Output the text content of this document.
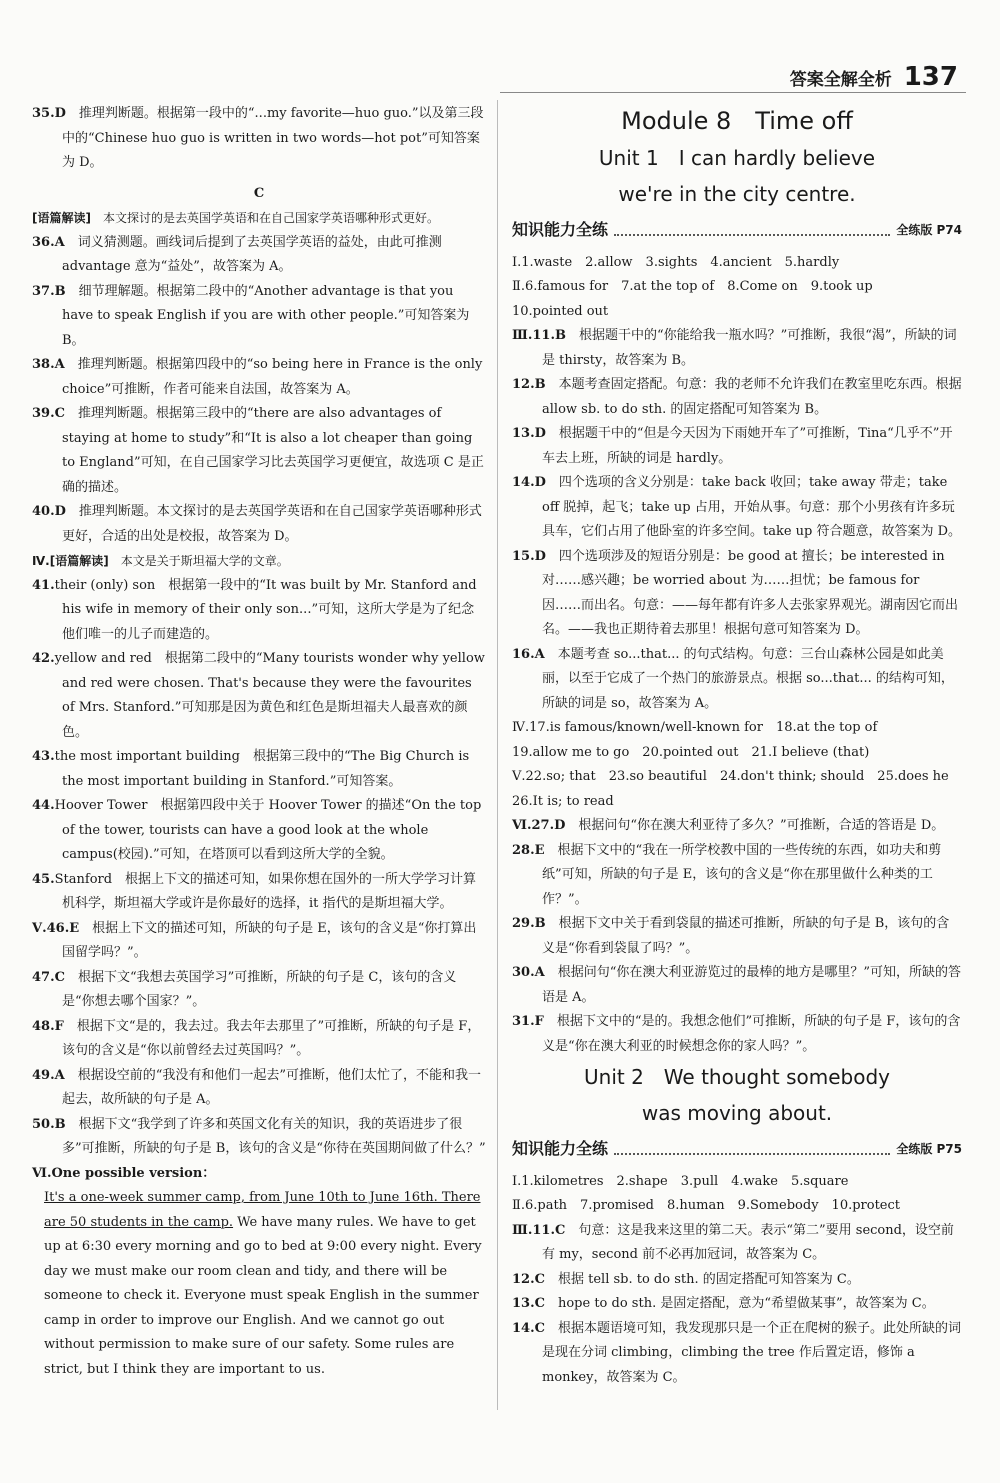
答案全解全析 137

35.D　 推理判断题。根据第一段中的“...my favorite—huo guo.”以及第三段中的“Chinese huo guo is written in two words—hot pot”可知答案为 D。

C

[语篇解读]　 本文探讨的是去英国学英语和在自己国家学英语哪种形式更好。

36.A　 词义猜测题。画线词后提到了去英国学英语的益处，由此可推测 advantage 意为“益处”，故答案为 A。

37.B　 细节理解题。根据第二段中的“Another advantage is that you have to speak English if you are with other people.”可知答案为 B。

38.A　 推理判断题。根据第四段中的“so being here in France is the only choice”可推断，作者可能来自法国，故答案为 A。

39.C　 推理判断题。根据第三段中的“there are also advantages of staying at home to study”和“It is also a lot cheaper than going to England”可知，在自己国家学习比去英国学习更便宜，故选项 C 是正确的描述。

40.D　 推理判断题。本文探讨的是去英国学英语和在自己国家学英语哪种形式更好，合适的出处是校报，故答案为 D。

Ⅳ.[语篇解读]　 本文是关于斯坦福大学的文章。

41.their (only) son　根据第一段中的“It was built by Mr. Stanford and his wife in memory of their only son...”可知，这所大学是为了纪念他们唯一的儿子而建造的。

42.yellow and red　根据第二段中的“Many tourists wonder why yellow and red were chosen. That's because they were the favourites of Mrs. Stanford.”可知那是因为黄色和红色是斯坦福夫人最喜欢的颜色。

43.the most important building　根据第三段中的“The Big Church is the most important building in Stanford.”可知答案。

44.Hoover Tower　根据第四段中关于 Hoover Tower 的描述“On the top of the tower, tourists can have a good look at the whole campus(校园).”可知，在塔顶可以看到这所大学的全貌。

45.Stanford　根据上下文的描述可知，如果你想在国外的一所大学学习计算机科学，斯坦福大学或许是你最好的选择，it 指代的是斯坦福大学。

Ⅴ.46.E　 根据上下文的描述可知，所缺的句子是 E，该句的含义是“你打算出国留学吗？”。

47.C　 根据下文“我想去英国学习”可推断，所缺的句子是 C，该句的含义是“你想去哪个国家？”。

48.F　 根据下文“是的，我去过。我去年去那里了”可推断，所缺的句子是 F，该句的含义是“你以前曾经去过英国吗？”。

49.A　 根据设空前的“我没有和他们一起去”可推断，他们太忙了，不能和我一起去，故所缺的句子是 A。

50.B　 根据下文“我学到了许多和英国文化有关的知识，我的英语进步了很多”可推断，所缺的句子是 B，该句的含义是“你待在英国期间做了什么？”

Ⅵ.One possible version：

It's a one-week summer camp, from June 10th to June 16th. There are 50 students in the camp. We have many rules. We have to get up at 6:30 every morning and go to bed at 9:00 every night. Every day we must make our room clean and tidy, and there will be someone to check it. Everyone must speak English in the summer camp in order to improve our English. And we cannot go out without permission to make sure of our safety. Some rules are strict, but I think they are important to us.

Module 8　Time off

Unit 1　I can hardly believe

we're in the city centre.

知识能力全练	全练版 P74

Ⅰ.1.waste　2.allow　3.sights　4.ancient　5.hardly

Ⅱ.6.famous for　7.at the top of　8.Come on　9.took up

10.pointed out

Ⅲ.11.B　 根据题干中的“你能给我一瓶水吗？”可推断，我很“渴”，所缺的词是 thirsty，故答案为 B。

12.B　 本题考查固定搭配。句意：我的老师不允许我们在教室里吃东西。根据 allow sb. to do sth. 的固定搭配可知答案为 B。

13.D　 根据题干中的“但是今天因为下雨她开车了”可推断，Tina“几乎不”开车去上班，所缺的词是 hardly。

14.D　 四个选项的含义分别是：take back 收回；take away 带走；take off 脱掉，起飞；take up 占用，开始从事。句意：那个小男孩有许多玩具车，它们占用了他卧室的许多空间。take up 符合题意，故答案为 D。

15.D　 四个选项涉及的短语分别是：be good at 擅长；be interested in 对……感兴趣；be worried about 为……担忧；be famous for 因……而出名。句意：——每年都有许多人去张家界观光。湖南因它而出名。——我也正期待着去那里！根据句意可知答案为 D。

16.A　 本题考查 so...that... 的句式结构。句意：三台山森林公园是如此美丽，以至于它成了一个热门的旅游景点。根据 so...that... 的结构可知，所缺的词是 so，故答案为 A。

Ⅳ.17.is famous/known/well-known for　18.at the top of

19.allow me to go　20.pointed out　21.I believe (that)

Ⅴ.22.so; that　23.so beautiful　24.don't think; should　25.does he

26.It is; to read

Ⅵ.27.D　 根据问句“你在澳大利亚待了多久？”可推断，合适的答语是 D。

28.E　 根据下文中的“我在一所学校教中国的一些传统的东西，如功夫和剪纸”可知，所缺的句子是 E，该句的含义是“你在那里做什么种类的工作？”。

29.B　 根据下文中关于看到袋鼠的描述可推断，所缺的句子是 B，该句的含义是“你看到袋鼠了吗？”。

30.A　 根据问句“你在澳大利亚游览过的最棒的地方是哪里？”可知，所缺的答语是 A。

31.F　 根据下文中的“是的。我想念他们”可推断，所缺的句子是 F，该句的含义是“你在澳大利亚的时候想念你的家人吗？”。

Unit 2　We thought somebody

was moving about.

知识能力全练	全练版 P75

Ⅰ.1.kilometres　2.shape　3.pull　4.wake　5.square

Ⅱ.6.path　7.promised　8.human　9.Somebody　10.protect

Ⅲ.11.C　 句意：这是我来这里的第二天。表示“第二”要用 second，设空前有 my，second 前不必再加冠词，故答案为 C。

12.C　 根据 tell sb. to do sth. 的固定搭配可知答案为 C。

13.C　 hope to do sth. 是固定搭配，意为“希望做某事”，故答案为 C。

14.C　 根据本题语境可知，我发现那只是一个正在爬树的猴子。此处所缺的词是现在分词 climbing，climbing the tree 作后置定语，修饰 a monkey，故答案为 C。
